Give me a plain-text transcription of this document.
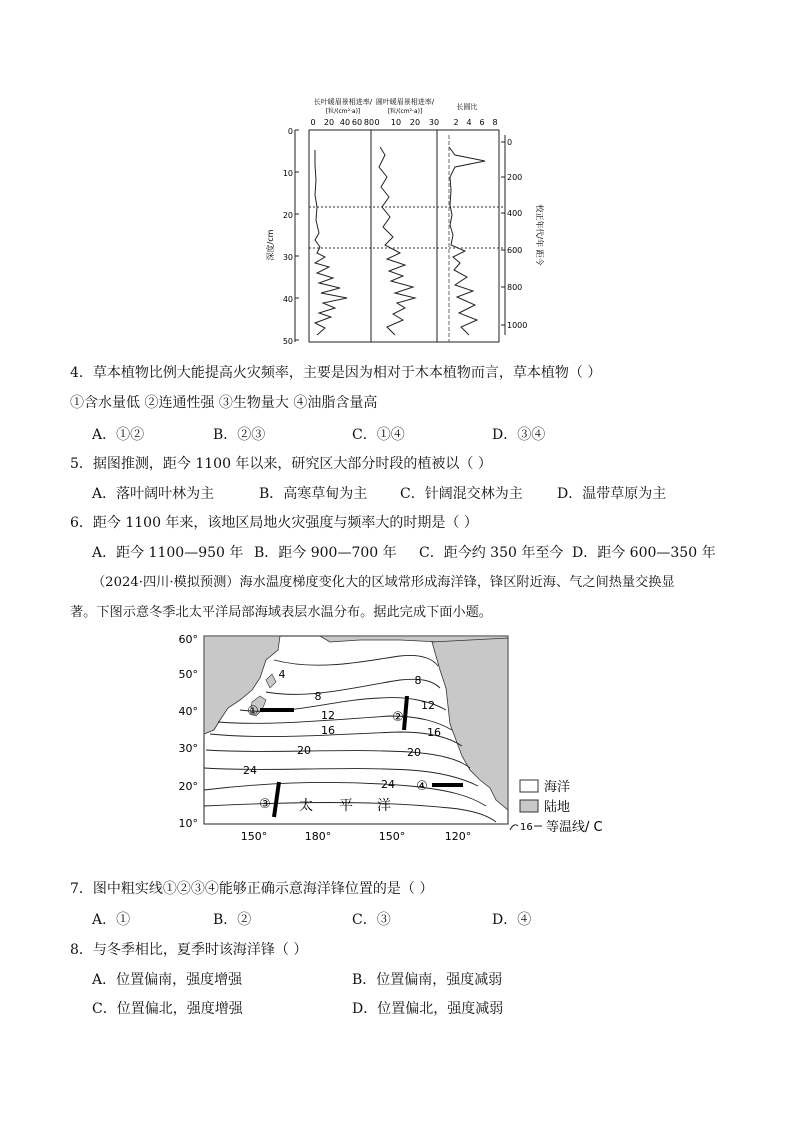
长叶暖眉景相进率/
[粒/(cm²·a)]
圆叶暖眉景相进率/
[粒/(cm²·a)]
长圆比
0 20 40 60 80 0 10 20 30 2 4 6 8
0
10
20
30
40
50
深度/cm
0
200
400
600
800
1000
校正年代/年 距今
4．草本植物比例大能提高火灾频率，主要是因为相对于木本植物而言，草本植物（ ）
①含水量低 ②连通性强 ③生物量大 ④油脂含量高
A．①②	B．②③	C．①④	D．③④
5．据图推测，距今 1100 年以来，研究区大部分时段的植被以（ ）
A．落叶阔叶林为主	B．高寒草甸为主 C．针阔混交林为主 D．温带草原为主
6．距今 1100 年来，该地区局地火灾强度与频率大的时期是（ ）
A．距今 1100—950 年 B．距今 900—700 年 C．距今约 350 年至今 D．距今 600—350 年
（2024·四川·模拟预测）海水温度梯度变化大的区域常形成海洋锋，锋区附近海、气之间热量交换显
著。下图示意冬季北太平洋局部海域表层水温分布。据此完成下面小题。
60°
50°
40°
30°
20°
10°
4
8
8
12
12
16	16
20	20
24
24
①	②
③
④
太 平 洋
150°	180°	150°	120°
海洋
陆地
16 等温线/ C
7．图中粗实线①②③④能够正确示意海洋锋位置的是（ ）
A．①	B．②	C．③	D．④
8．与冬季相比，夏季时该海洋锋（ ）
A．位置偏南，强度增强	B．位置偏南，强度减弱
C．位置偏北，强度增强	D．位置偏北，强度减弱
